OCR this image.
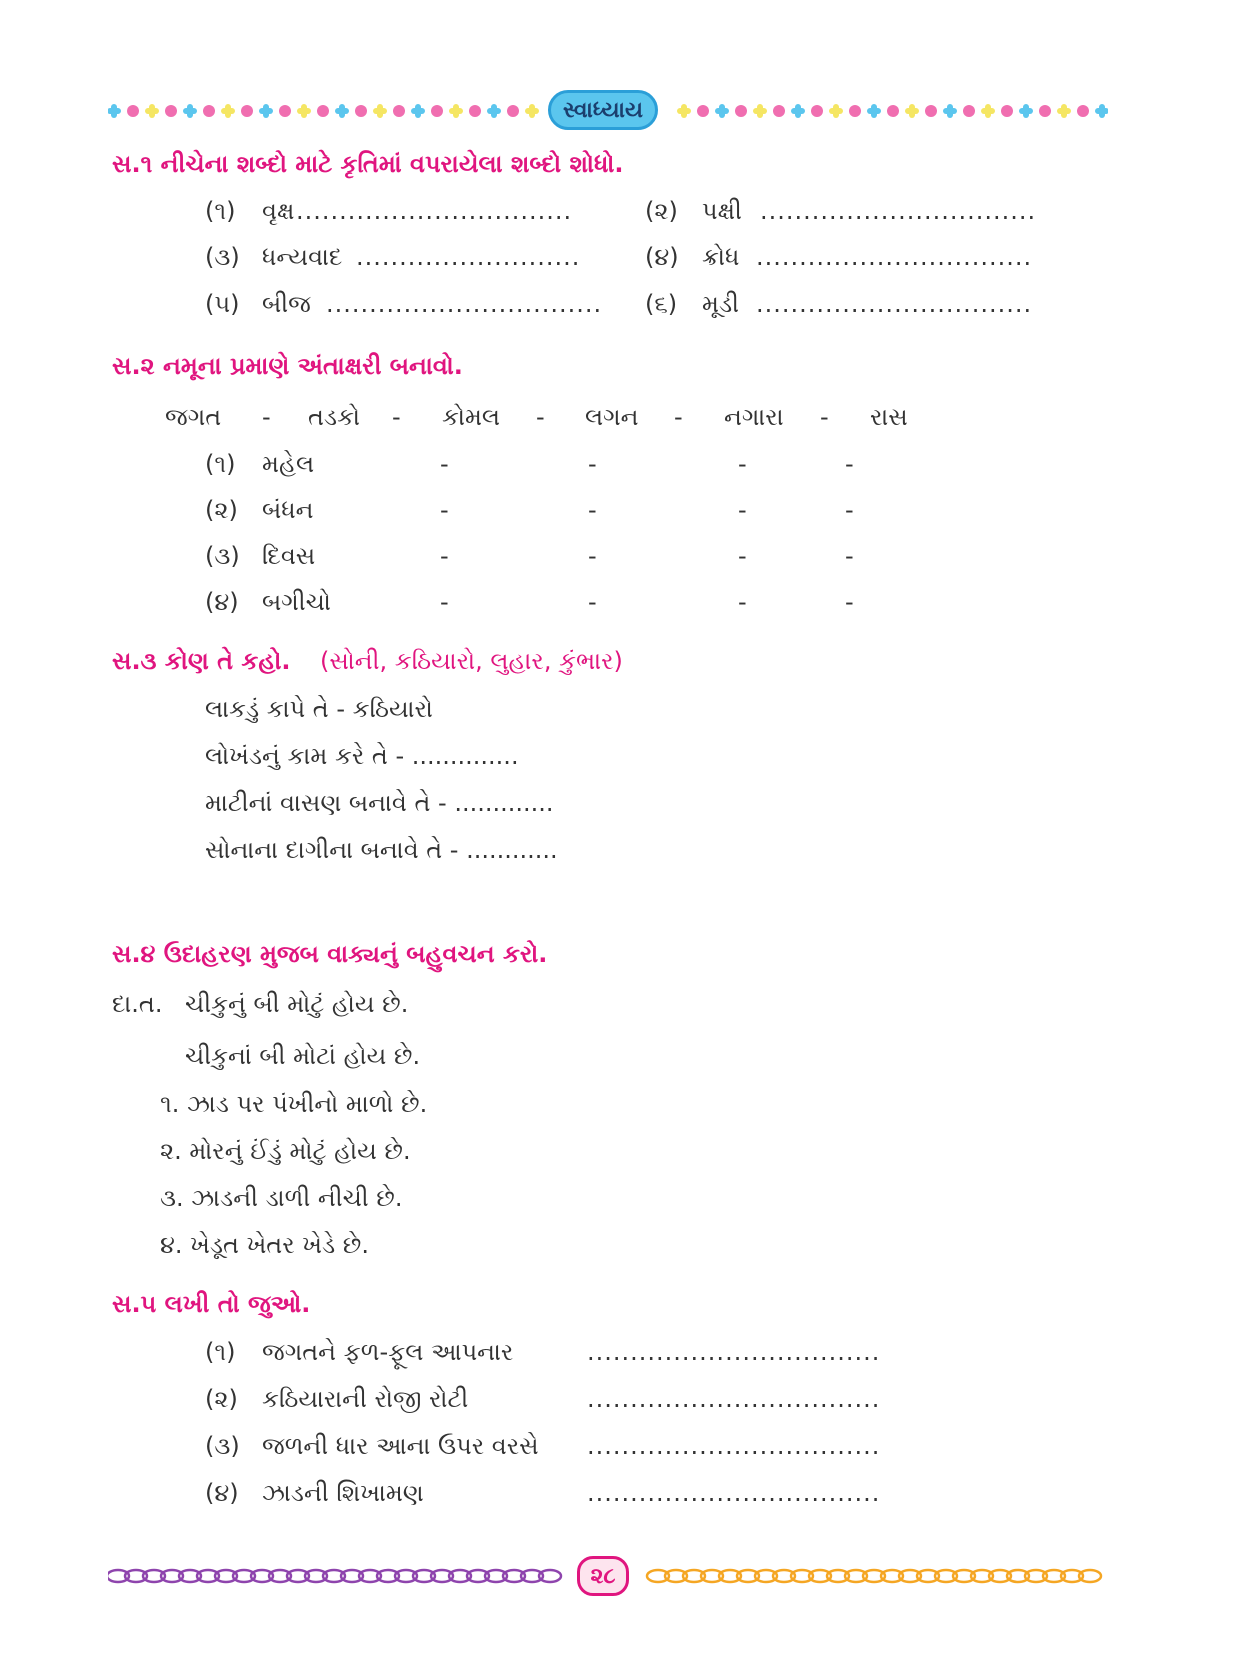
સ્વાધ્યાય
સ.૧ નીચેના શબ્દો માટે કૃતિમાં વપરાયેલા શબ્દો શોધો.
(૧) વૃક્ષ ................................	(૨) પક્ષી ................................
(૩) ધન્યવાદ ..........................	(૪) ક્રોધ ................................
(૫) બીજ ................................ (૬) મૂડી ................................
સ.૨ નમૂના પ્રમાણે અંતાક્ષરી બનાવો.
જગત - તડકો - કોમલ - લગન - નગારા - રાસ
(૧) મહેલ	-	-	-	-
(૨) બંધન	-	-	-	-
(૩) દિવસ	-	-	-	-
(૪) બગીચો	-	-	-	-
સ.૩ કોણ તે કહો. (સોની, કઠિયારો, લુહાર, કુંભાર)
લાકડું કાપે તે - કઠિયારો
લોખંડનું કામ કરે તે - ..............
માટીનાં વાસણ બનાવે તે - .............
સોનાના દાગીના બનાવે તે - ............
સ.૪ ઉદાહરણ મુજબ વાક્યનું બહુવચન કરો.
દા.ત. ચીકુનું બી મોટું હોય છે.
ચીકુનાં બી મોટાં હોય છે.
૧. ઝાડ પર પંખીનો માળો છે.
૨. મોરનું ઈંડું મોટું હોય છે.
૩. ઝાડની ડાળી નીચી છે.
૪. ખેડૂત ખેતર ખેડે છે.
સ.૫ લખી તો જુઓ.
(૧) જગતને ફળ-ફૂલ આપનાર	..................................
(૨) કઠિયારાની રોજી રોટી	..................................
(૩) જળની ધાર આના ઉપર વરસે ..................................
(૪) ઝાડની શિખામણ	..................................
૨૮
